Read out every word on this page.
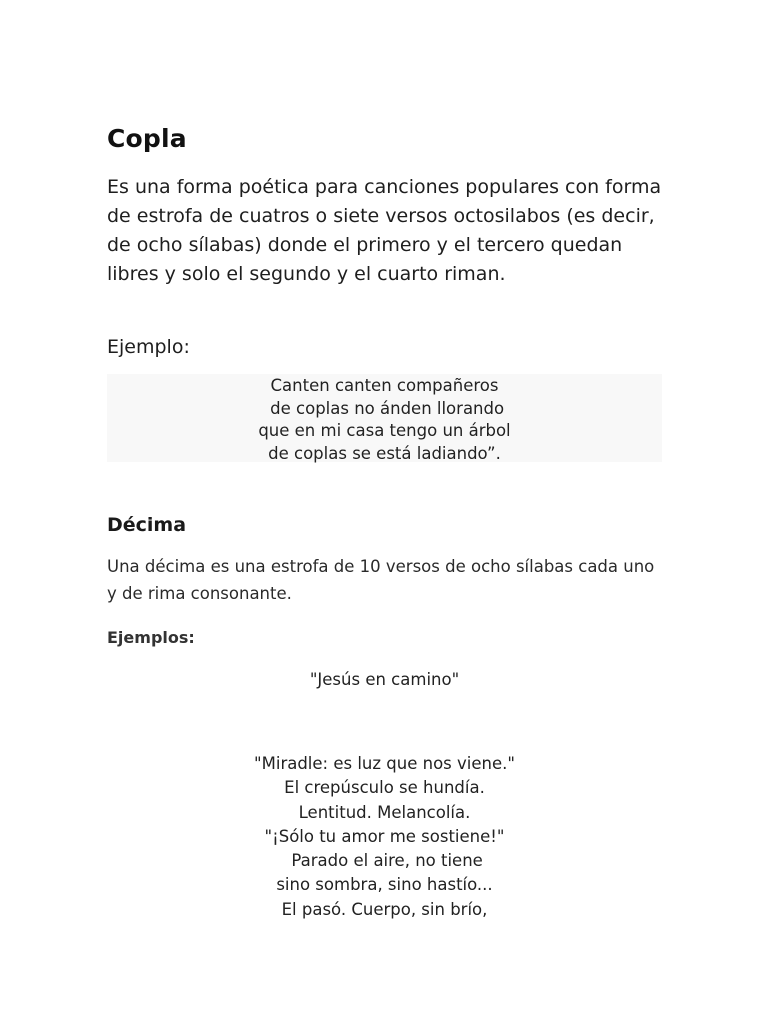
Copla

Es una forma poética para canciones populares con forma de estrofa de cuatros o siete versos octosilabos (es decir, de ocho sílabas) donde el primero y el tercero quedan libres y solo el segundo y el cuarto riman.

Ejemplo:

Canten canten compañeros
de coplas no ánden llorando
que en mi casa tengo un árbol
de coplas se está ladiando”.
Décima

Una décima es una estrofa de 10 versos de ocho sílabas cada uno y de rima consonante.

Ejemplos:

"Jesús en camino"

"Miradle: es luz que nos viene."
El crepúsculo se hundía.
Lentitud. Melancolía.
"¡Sólo tu amor me sostiene!"
Parado el aire, no tiene
sino sombra, sino hastío...
El pasó. Cuerpo, sin brío,
